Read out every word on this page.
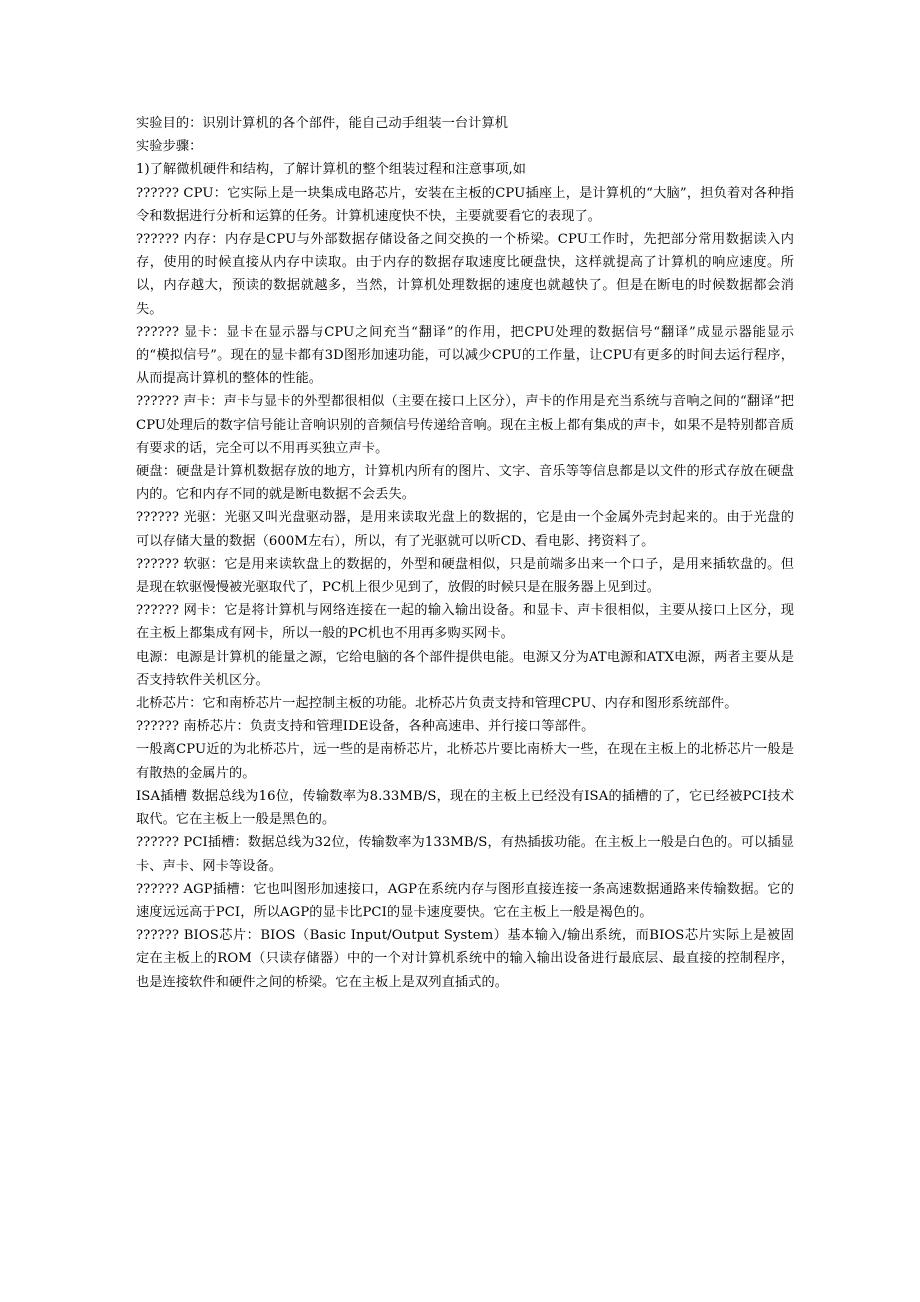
实验目的：识别计算机的各个部件，能自己动手组装一台计算机

实验步骤：

1)了解微机硬件和结构，了解计算机的整个组装过程和注意事项,如

?????? CPU：它实际上是一块集成电路芯片，安装在主板的CPU插座上，是计算机的“大脑”，担负着对各种指令和数据进行分析和运算的任务。计算机速度快不快，主要就要看它的表现了。

?????? 内存：内存是CPU与外部数据存储设备之间交换的一个桥梁。CPU工作时，先把部分常用数据读入内存，使用的时候直接从内存中读取。由于内存的数据存取速度比硬盘快，这样就提高了计算机的响应速度。所以，内存越大，预读的数据就越多，当然，计算机处理数据的速度也就越快了。但是在断电的时候数据都会消失。

?????? 显卡：显卡在显示器与CPU之间充当“翻译”的作用，把CPU处理的数据信号“翻译”成显示器能显示的“模拟信号”。现在的显卡都有3D图形加速功能，可以减少CPU的工作量，让CPU有更多的时间去运行程序，从而提高计算机的整体的性能。

?????? 声卡：声卡与显卡的外型都很相似（主要在接口上区分），声卡的作用是充当系统与音响之间的“翻译”把CPU处理后的数字信号能让音响识别的音频信号传递给音响。现在主板上都有集成的声卡，如果不是特别都音质有要求的话，完全可以不用再买独立声卡。

硬盘：硬盘是计算机数据存放的地方，计算机内所有的图片、文字、音乐等等信息都是以文件的形式存放在硬盘内的。它和内存不同的就是断电数据不会丢失。

?????? 光驱：光驱又叫光盘驱动器，是用来读取光盘上的数据的，它是由一个金属外壳封起来的。由于光盘的可以存储大量的数据（600M左右），所以，有了光驱就可以听CD、看电影、拷资料了。

?????? 软驱：它是用来读软盘上的数据的，外型和硬盘相似，只是前端多出来一个口子，是用来插软盘的。但是现在软驱慢慢被光驱取代了，PC机上很少见到了，放假的时候只是在服务器上见到过。

?????? 网卡：它是将计算机与网络连接在一起的输入输出设备。和显卡、声卡很相似，主要从接口上区分，现在主板上都集成有网卡，所以一般的PC机也不用再多购买网卡。

电源：电源是计算机的能量之源，它给电脑的各个部件提供电能。电源又分为AT电源和ATX电源，两者主要从是否支持软件关机区分。

北桥芯片：它和南桥芯片一起控制主板的功能。北桥芯片负责支持和管理CPU、内存和图形系统部件。

?????? 南桥芯片：负责支持和管理IDE设备，各种高速串、并行接口等部件。

一般离CPU近的为北桥芯片，远一些的是南桥芯片，北桥芯片要比南桥大一些，在现在主板上的北桥芯片一般是有散热的金属片的。

ISA插槽 数据总线为16位，传输数率为8.33MB/S，现在的主板上已经没有ISA的插槽的了，它已经被PCI技术取代。它在主板上一般是黑色的。

?????? PCI插槽：数据总线为32位，传输数率为133MB/S，有热插拔功能。在主板上一般是白色的。可以插显卡、声卡、网卡等设备。

?????? AGP插槽：它也叫图形加速接口，AGP在系统内存与图形直接连接一条高速数据通路来传输数据。它的速度远远高于PCI，所以AGP的显卡比PCI的显卡速度要快。它在主板上一般是褐色的。

?????? BIOS芯片：BIOS（Basic Input/Output System）基本输入/输出系统，而BIOS芯片实际上是被固定在主板上的ROM（只读存储器）中的一个对计算机系统中的输入输出设备进行最底层、最直接的控制程序，也是连接软件和硬件之间的桥梁。它在主板上是双列直插式的。
